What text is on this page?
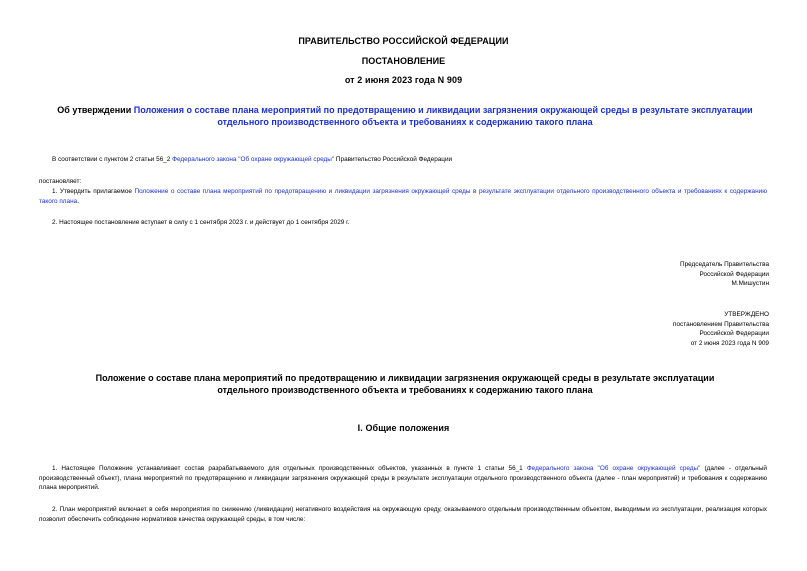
ПРАВИТЕЛЬСТВО РОССИЙСКОЙ ФЕДЕРАЦИИ
ПОСТАНОВЛЕНИЕ
от 2 июня 2023 года N 909
Об утверждении Положения о составе плана мероприятий по предотвращению и ликвидации загрязнения окружающей среды в результате эксплуатации отдельного производственного объекта и требованиях к содержанию такого плана
В соответствии с пунктом 2 статьи 56_2 Федерального закона "Об охране окружающей среды" Правительство Российской Федерации
постановляет:
1. Утвердить прилагаемое Положение о составе плана мероприятий по предотвращению и ликвидации загрязнения окружающей среды в результате эксплуатации отдельного производственного объекта и требованиях к содержанию такого плана.
2. Настоящее постановление вступает в силу с 1 сентября 2023 г. и действует до 1 сентября 2029 г.
Председатель Правительства
Российской Федерации
М.Мишустин
УТВЕРЖДЕНО
постановлением Правительства
Российской Федерации
от 2 июня 2023 года N 909
Положение о составе плана мероприятий по предотвращению и ликвидации загрязнения окружающей среды в результате эксплуатации отдельного производственного объекта и требованиях к содержанию такого плана
I. Общие положения
1. Настоящее Положение устанавливает состав разрабатываемого для отдельных производственных объектов, указанных в пункте 1 статьи 56_1 Федерального закона "Об охране окружающей среды" (далее - отдельный производственный объект), плана мероприятий по предотвращению и ликвидации загрязнения окружающей среды в результате эксплуатации отдельного производственного объекта (далее - план мероприятий) и требования к содержанию плана мероприятий.
2. План мероприятий включает в себя мероприятия по снижению (ликвидации) негативного воздействия на окружающую среду, оказываемого отдельным производственным объектом, выводимым из эксплуатации, реализация которых позволит обеспечить соблюдение нормативов качества окружающей среды, в том числе:
